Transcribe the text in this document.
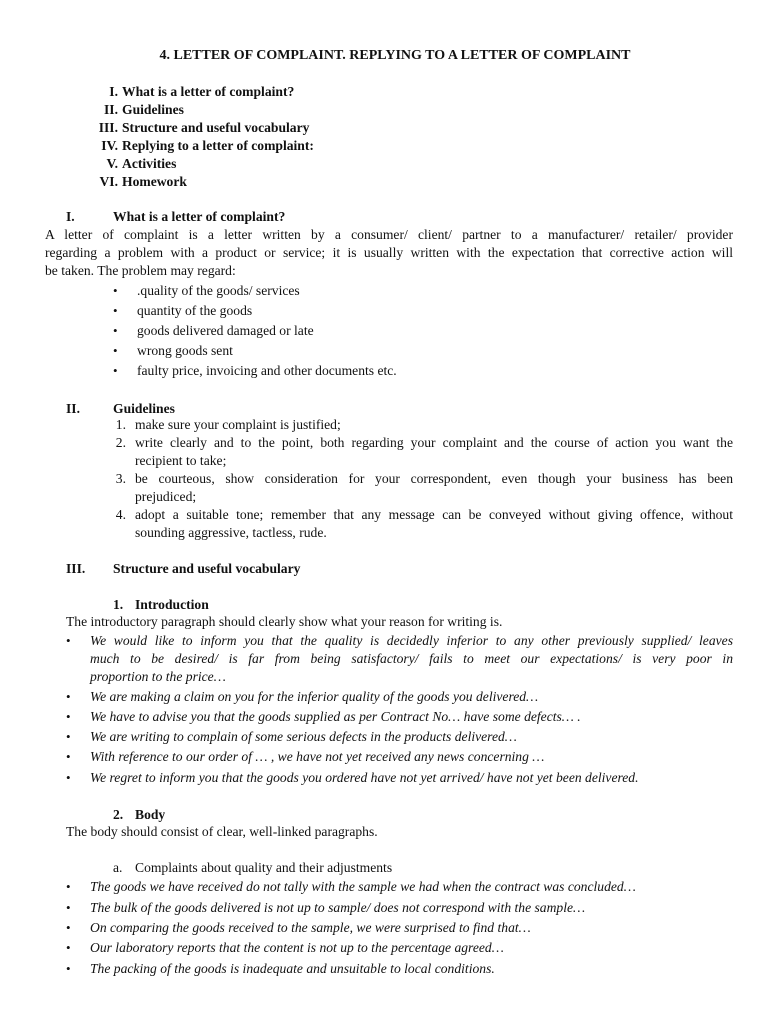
4. LETTER OF COMPLAINT. REPLYING TO A LETTER OF COMPLAINT
I. What is a letter of complaint?
II. Guidelines
III. Structure and useful vocabulary
IV. Replying to a letter of complaint:
V. Activities
VI. Homework
I.	What is a letter of complaint?
A letter of complaint is a letter written by a consumer/ client/ partner to a manufacturer/ retailer/ provider
regarding a problem with a product or service; it is usually written with the expectation that corrective action will
be taken. The problem may regard:
• .quality of the goods/ services
• quantity of the goods
• goods delivered damaged or late
• wrong goods sent
• faulty price, invoicing and other documents etc.
II. Guidelines
1. make sure your complaint is justified;
2. write clearly and to the point, both regarding your complaint and the course of action you want the
recipient to take;
3. be courteous, show consideration for your correspondent, even though your business has been
prejudiced;
4. adopt a suitable tone; remember that any message can be conveyed without giving offence, without
sounding aggressive, tactless, rude.
III. Structure and useful vocabulary
1. Introduction
The introductory paragraph should clearly show what your reason for writing is.
• We would like to inform you that the quality is decidedly inferior to any other previously supplied/ leaves
much to be desired/ is far from being satisfactory/ fails to meet our expectations/ is very poor in
proportion to the price…
• We are making a claim on you for the inferior quality of the goods you delivered…
• We have to advise you that the goods supplied as per Contract No… have some defects… .
• We are writing to complain of some serious defects in the products delivered…
• With reference to our order of … , we have not yet received any news concerning …
• We regret to inform you that the goods you ordered have not yet arrived/ have not yet been delivered.
2. Body
The body should consist of clear, well-linked paragraphs.
a. Complaints about quality and their adjustments
• The goods we have received do not tally with the sample we had when the contract was concluded…
• The bulk of the goods delivered is not up to sample/ does not correspond with the sample…
• On comparing the goods received to the sample, we were surprised to find that…
• Our laboratory reports that the content is not up to the percentage agreed…
• The packing of the goods is inadequate and unsuitable to local conditions.
